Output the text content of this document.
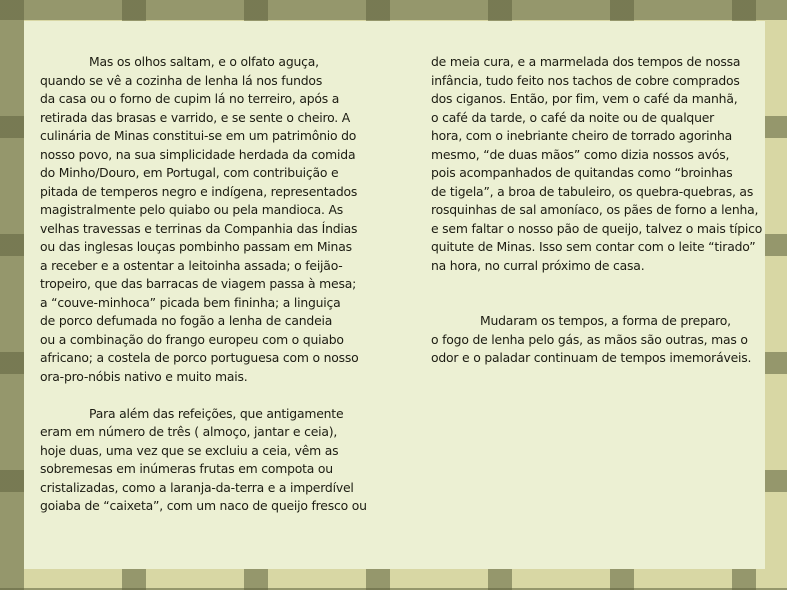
Mas os olhos saltam, e o olfato aguça,
quando se vê a cozinha de lenha lá nos fundos
da casa ou o forno de cupim lá no terreiro, após a
retirada das brasas e varrido, e se sente o cheiro. A
culinária de Minas constitui-se em um patrimônio do
nosso povo, na sua simplicidade herdada da comida
do Minho/Douro, em Portugal, com contribuição e
pitada de temperos negro e indígena, representados
magistralmente pelo quiabo ou pela mandioca. As
velhas travessas e terrinas da Companhia das Índias
ou das inglesas louças pombinho passam em Minas
a receber e a ostentar a leitoinha assada; o feijão-
tropeiro, que das barracas de viagem passa à mesa;
a “couve-minhoca” picada bem fininha; a linguiça
de porco defumada no fogão a lenha de candeia
ou a combinação do frango europeu com o quiabo
africano; a costela de porco portuguesa com o nosso
ora-pro-nóbis nativo e muito mais.
Para além das refeições, que antigamente
eram em número de três ( almoço, jantar e ceia),
hoje duas, uma vez que se excluiu a ceia, vêm as
sobremesas em inúmeras frutas em compota ou
cristalizadas, como a laranja-da-terra e a imperdível
goiaba de “caixeta”, com um naco de queijo fresco ou
de meia cura, e a marmelada dos tempos de nossa
infância, tudo feito nos tachos de cobre comprados
dos ciganos. Então, por fim, vem o café da manhã,
o café da tarde, o café da noite ou de qualquer
hora, com o inebriante cheiro de torrado agorinha
mesmo, “de duas mãos” como dizia nossos avós,
pois acompanhados de quitandas como “broinhas
de tigela”, a broa de tabuleiro, os quebra-quebras, as
rosquinhas de sal amoníaco, os pães de forno a lenha,
e sem faltar o nosso pão de queijo, talvez o mais típico
quitute de Minas. Isso sem contar com o leite “tirado”
na hora, no curral próximo de casa.
Mudaram os tempos, a forma de preparo,
o fogo de lenha pelo gás, as mãos são outras, mas o
odor e o paladar continuam de tempos imemoráveis.
